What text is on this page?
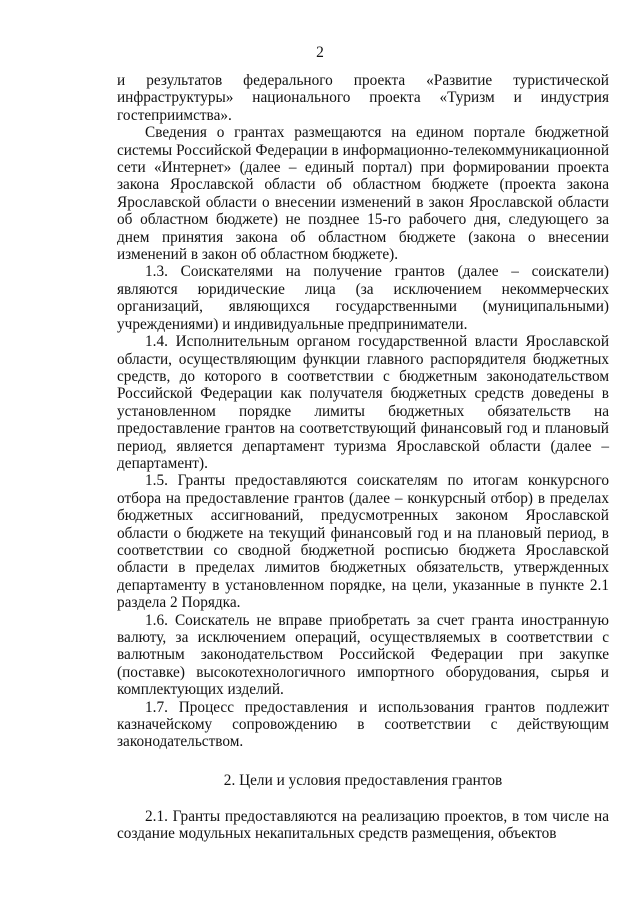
2

и результатов федерального проекта «Развитие туристической инфраструктуры» национального проекта «Туризм и индустрия гостеприимства».

Сведения о грантах размещаются на едином портале бюджетной системы Российской Федерации в информационно-телекоммуникационной сети «Интернет» (далее – единый портал) при формировании проекта закона Ярославской области об областном бюджете (проекта закона Ярославской области о внесении изменений в закон Ярославской области об областном бюджете) не позднее 15-го рабочего дня, следующего за днем принятия закона об областном бюджете (закона о внесении изменений в закон об областном бюджете).

1.3. Соискателями на получение грантов (далее – соискатели) являются юридические лица (за исключением некоммерческих организаций, являющихся государственными (муниципальными) учреждениями) и индивидуальные предприниматели.

1.4. Исполнительным органом государственной власти Ярославской области, осуществляющим функции главного распорядителя бюджетных средств, до которого в соответствии с бюджетным законодательством Российской Федерации как получателя бюджетных средств доведены в установленном порядке лимиты бюджетных обязательств на предоставление грантов на соответствующий финансовый год и плановый период, является департамент туризма Ярославской области (далее – департамент).

1.5. Гранты предоставляются соискателям по итогам конкурсного отбора на предоставление грантов (далее – конкурсный отбор) в пределах бюджетных ассигнований, предусмотренных законом Ярославской области о бюджете на текущий финансовый год и на плановый период, в соответствии со сводной бюджетной росписью бюджета Ярославской области в пределах лимитов бюджетных обязательств, утвержденных департаменту в установленном порядке, на цели, указанные в пункте 2.1 раздела 2 Порядка.

1.6. Соискатель не вправе приобретать за счет гранта иностранную валюту, за исключением операций, осуществляемых в соответствии с валютным законодательством Российской Федерации при закупке (поставке) высокотехнологичного импортного оборудования, сырья и комплектующих изделий.

1.7. Процесс предоставления и использования грантов подлежит казначейскому сопровождению в соответствии с действующим законодательством.

2. Цели и условия предоставления грантов

2.1. Гранты предоставляются на реализацию проектов, в том числе на создание модульных некапитальных средств размещения, объектов
